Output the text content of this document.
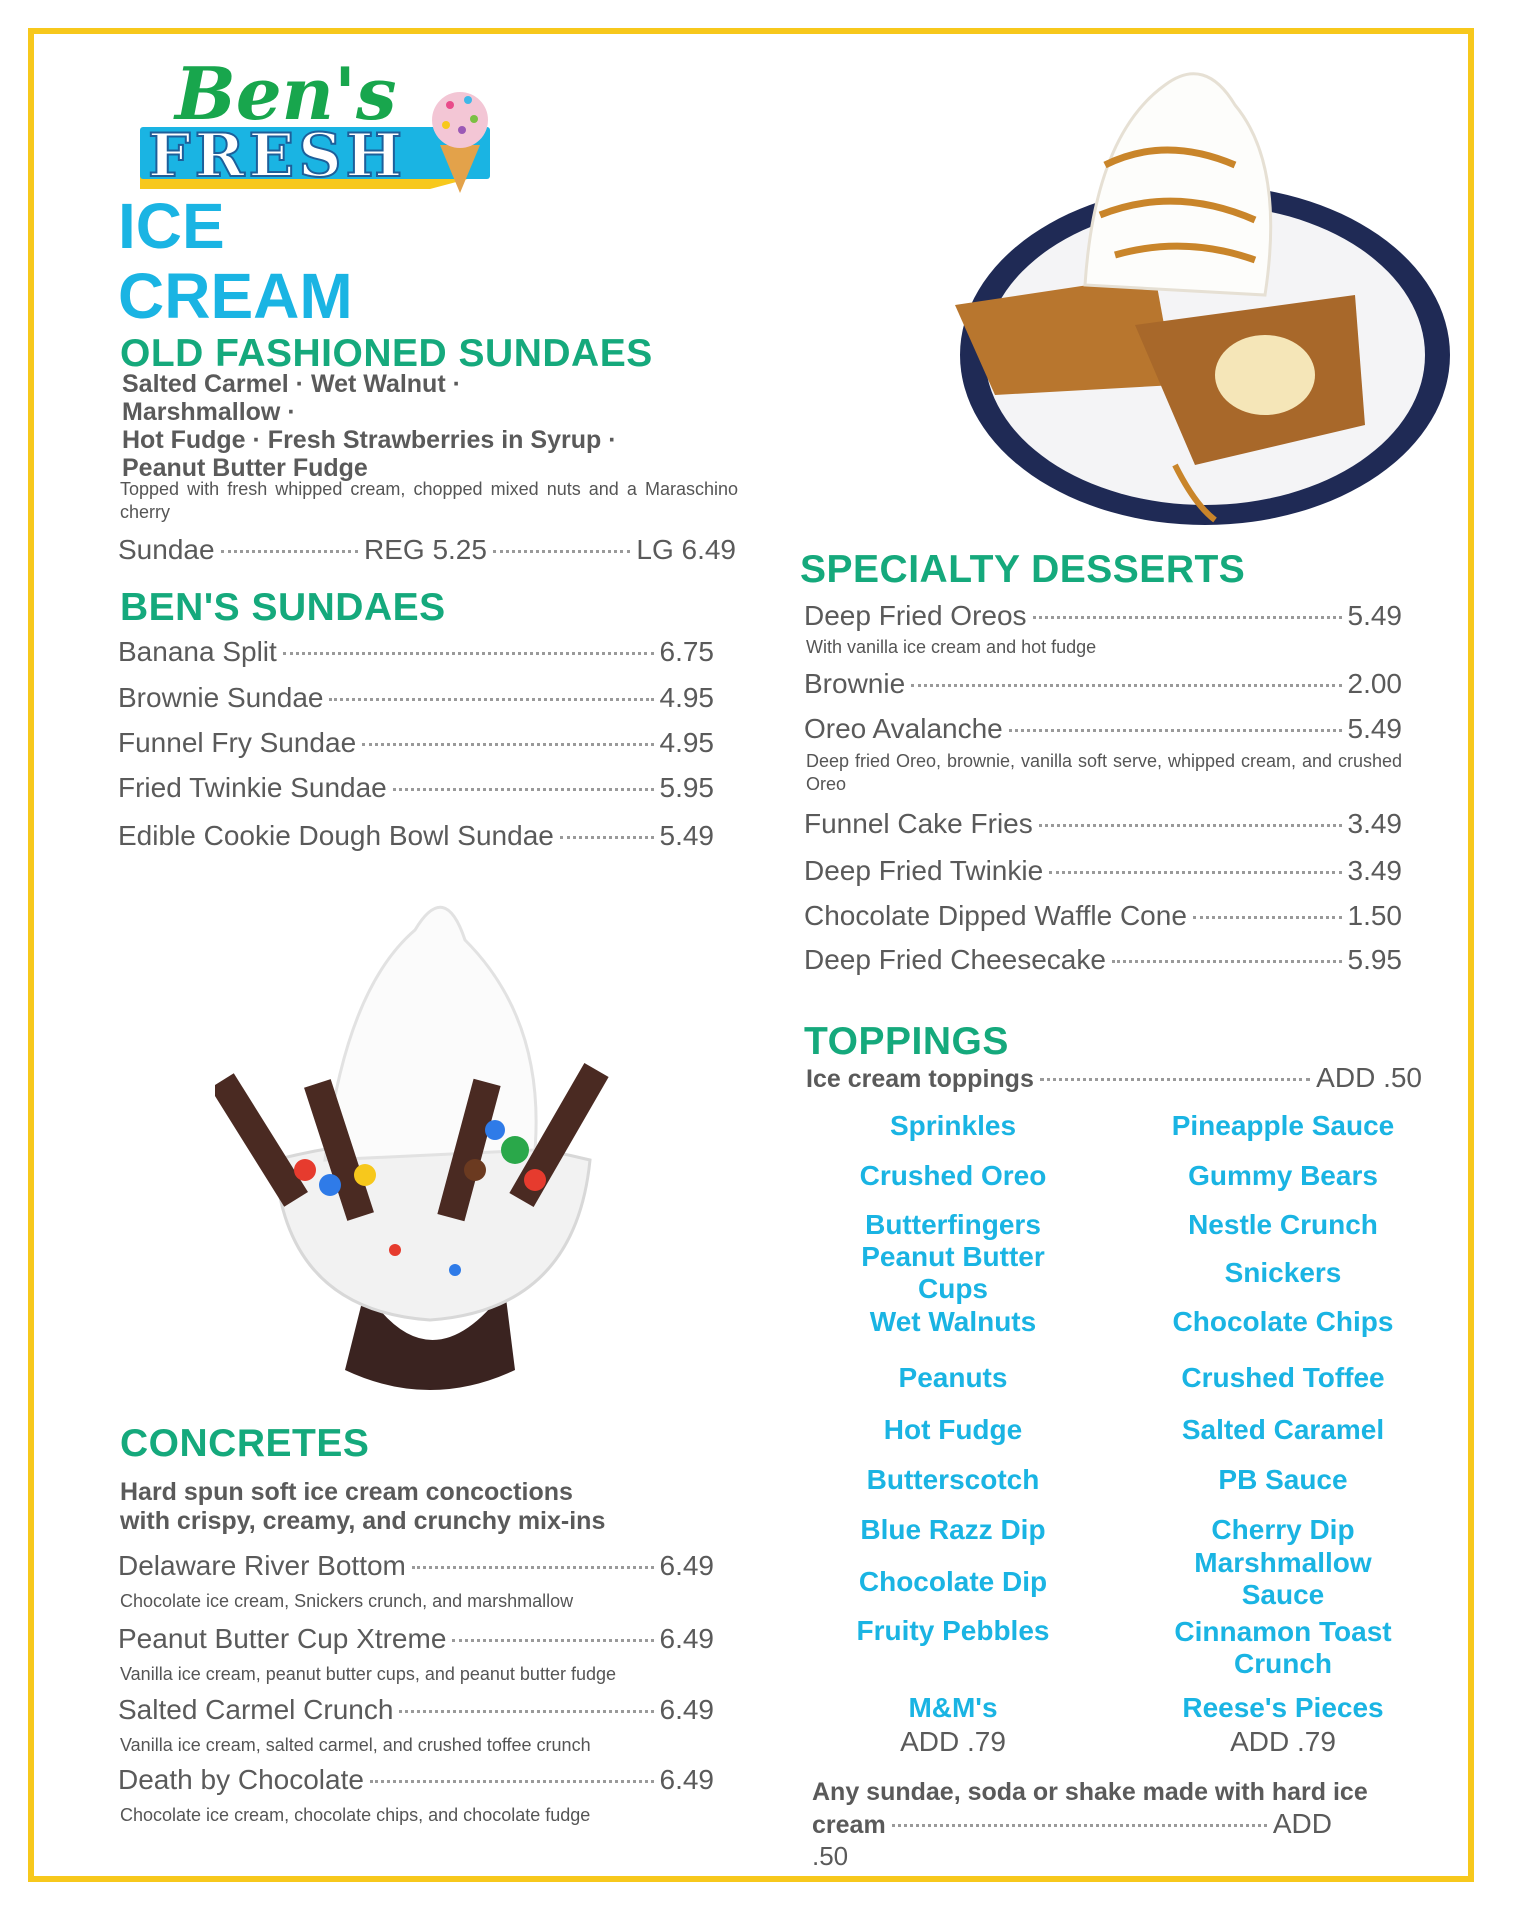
Ben's
FRESH
ICE
CREAM
OLD FASHIONED SUNDAES
Salted Carmel · Wet Walnut ·
Marshmallow ·
Hot Fudge · Fresh Strawberries in Syrup ·
Peanut Butter Fudge
Topped with fresh whipped cream, chopped mixed nuts and a Maraschino cherry
Sundae	REG 5.25	LG 6.49
BEN'S SUNDAES
Banana Split	6.75
Brownie Sundae	4.95
Funnel Fry Sundae	4.95
Fried Twinkie Sundae	5.95
Edible Cookie Dough Bowl Sundae	5.49
CONCRETES
Hard spun soft ice cream concoctions
with crispy, creamy, and crunchy mix-ins
Delaware River Bottom	6.49
Chocolate ice cream, Snickers crunch, and marshmallow
Peanut Butter Cup Xtreme	6.49
Vanilla ice cream, peanut butter cups, and peanut butter fudge
Salted Carmel Crunch	6.49
Vanilla ice cream, salted carmel, and crushed toffee crunch
Death by Chocolate	6.49
Chocolate ice cream, chocolate chips, and chocolate fudge
SPECIALTY DESSERTS
Deep Fried Oreos	5.49
With vanilla ice cream and hot fudge
Brownie	2.00
Oreo Avalanche	5.49
Deep fried Oreo, brownie, vanilla soft serve, whipped cream, and crushed Oreo
Funnel Cake Fries	3.49
Deep Fried Twinkie	3.49
Chocolate Dipped Waffle Cone	1.50
Deep Fried Cheesecake	5.95
TOPPINGS
Ice cream toppings	ADD .50
Sprinkles
Crushed Oreo
Butterfingers
Peanut Butter Cups
Wet Walnuts
Peanuts
Hot Fudge
Butterscotch
Blue Razz Dip
Chocolate Dip
Fruity Pebbles
M&M's
ADD .79
Pineapple Sauce
Gummy Bears
Nestle Crunch
Snickers
Chocolate Chips
Crushed Toffee
Salted Caramel
PB Sauce
Cherry Dip
Marshmallow Sauce
Cinnamon Toast Crunch
Reese's Pieces
ADD .79
Any sundae, soda or shake made with hard ice
cream	ADD
.50
